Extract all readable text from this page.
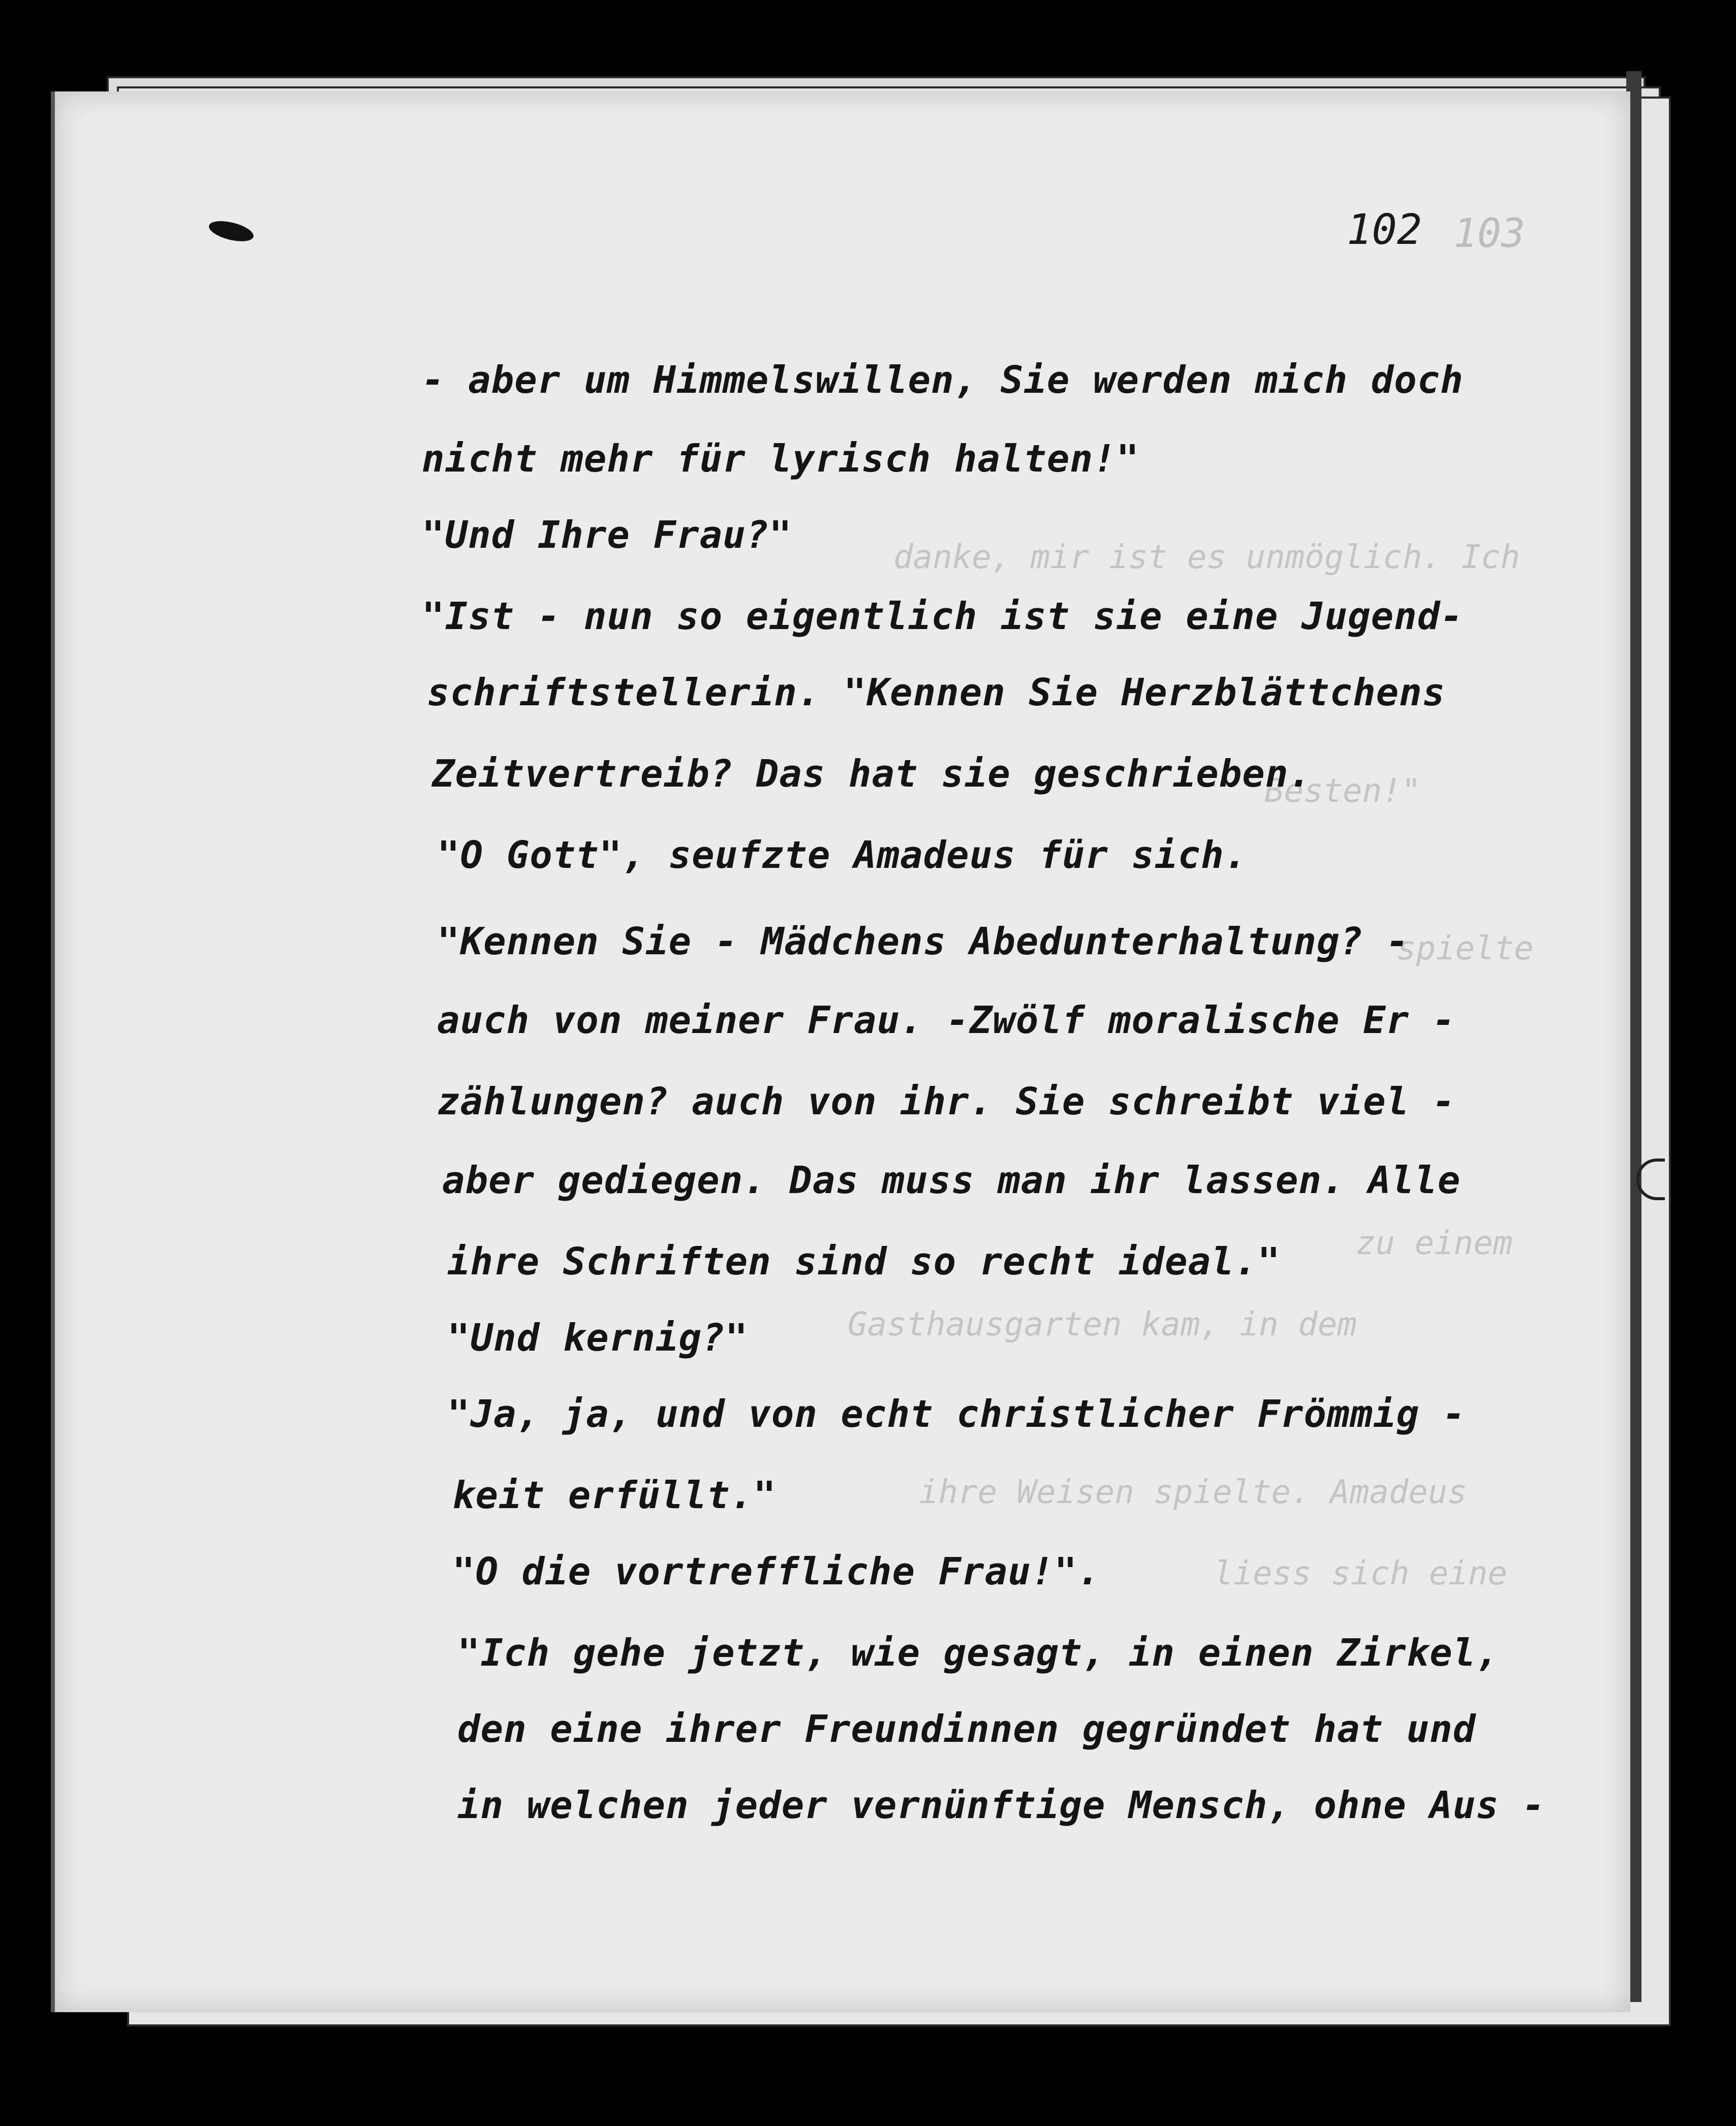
danke, mir ist es unmöglich. Ich
Besten!"
spielte
zu einem
Gasthausgarten kam, in dem
ihre Weisen spielte. Amadeus
liess sich eine
102 103
- aber um Himmelswillen, Sie werden mich doch
nicht mehr für lyrisch halten!"
"Und Ihre Frau?"
"Ist - nun so eigentlich ist sie eine Jugend-
schriftstellerin. "Kennen Sie Herzblättchens
Zeitvertreib? Das hat sie geschrieben.
"O Gott", seufzte Amadeus für sich.
"Kennen Sie - Mädchens Abedunterhaltung? -
auch von meiner Frau. -Zwölf moralische Er -
zählungen? auch von ihr. Sie schreibt viel -
aber gediegen. Das muss man ihr lassen. Alle
ihre Schriften sind so recht ideal."
"Und kernig?"
"Ja, ja, und von echt christlicher Frömmig -
keit erfüllt."
"O die vortreffliche Frau!".
"Ich gehe jetzt, wie gesagt, in einen Zirkel,
den eine ihrer Freundinnen gegründet hat und
in welchen jeder vernünftige Mensch, ohne Aus -
